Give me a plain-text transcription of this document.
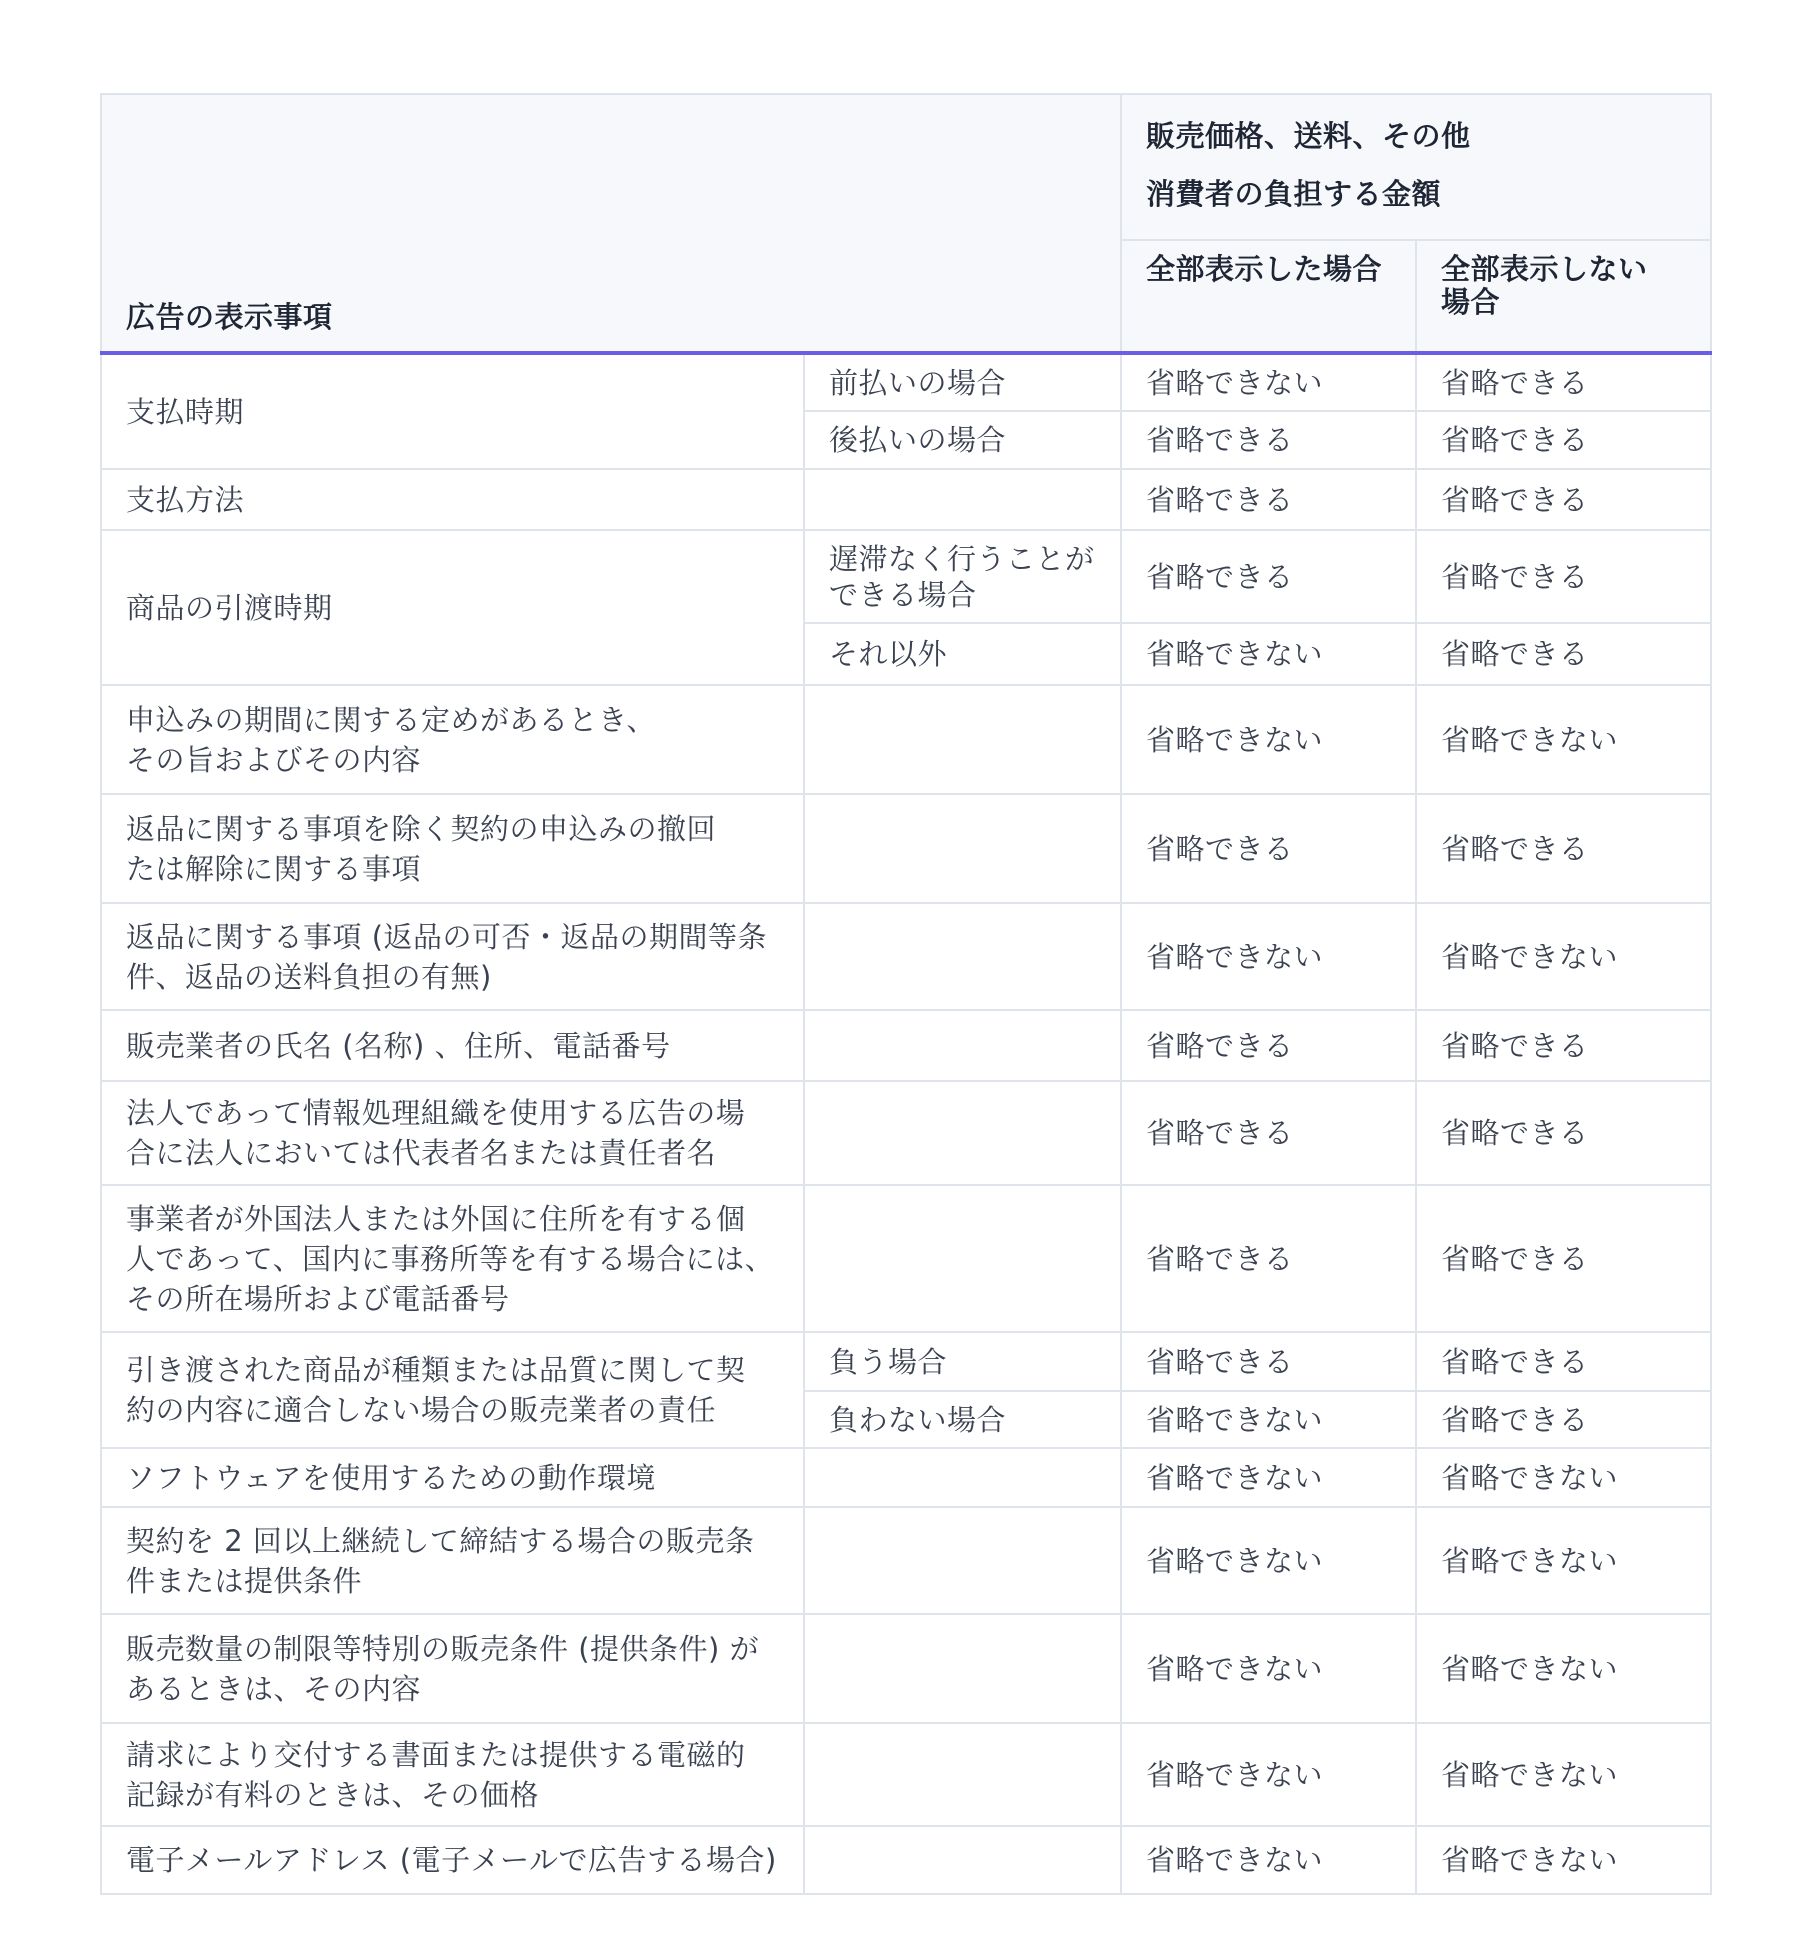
広告の表示事項		販売価格、送料、その他
消費者の負担する金額	

		全部表示した場合	全部表示しない
場合

支払時期	前払いの場合	省略できない	省略できる
	後払いの場合	省略できる	省略できる
支払方法		省略できる	省略できる
商品の引渡時期	遅滞なく行うことが
できる場合	省略できる	省略できる
	それ以外	省略できない	省略できる

申込みの期間に関する定めがあるとき、
その旨およびその内容		省略できない	省略できない

返品に関する事項を除く契約の申込みの撤回
たは解除に関する事項		省略できる	省略できる

返品に関する事項 (返品の可否・返品の期間等条
件、返品の送料負担の有無)		省略できない	省略できない
販売業者の氏名 (名称) 、住所、電話番号		省略できる	省略できる

法人であって情報処理組織を使用する広告の場
合に法人においては代表者名または責任者名		省略できる	省略できる

事業者が外国法人または外国に住所を有する個
人であって、国内に事務所等を有する場合には、
その所在場所および電話番号		省略できる	省略できる

引き渡された商品が種類または品質に関して契
約の内容に適合しない場合の販売業者の責任	負う場合	省略できる	省略できる
	負わない場合	省略できない	省略できる
ソフトウェアを使用するための動作環境		省略できない	省略できない

契約を 2 回以上継続して締結する場合の販売条
件または提供条件		省略できない	省略できない

販売数量の制限等特別の販売条件 (提供条件) が
あるときは、その内容		省略できない	省略できない

請求により交付する書面または提供する電磁的
記録が有料のときは、その価格		省略できない	省略できない
電子メールアドレス (電子メールで広告する場合)		省略できない	省略できない
